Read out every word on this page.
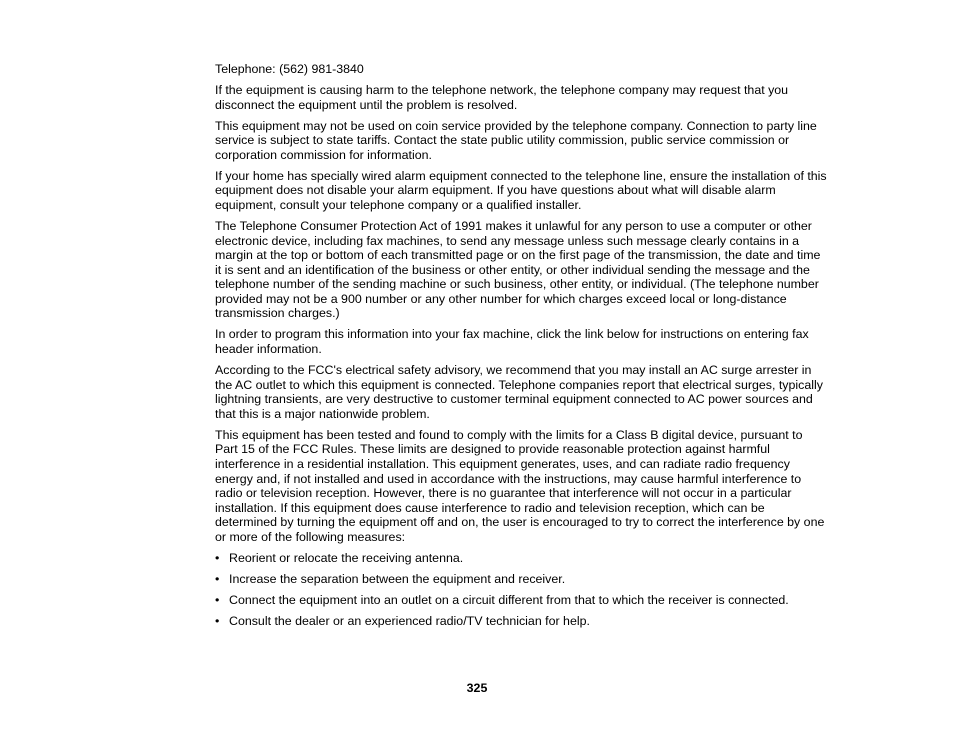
Telephone: (562) 981-3840

If the equipment is causing harm to the telephone network, the telephone company may request that you disconnect the equipment until the problem is resolved.

This equipment may not be used on coin service provided by the telephone company. Connection to party line service is subject to state tariffs. Contact the state public utility commission, public service commission or corporation commission for information.

If your home has specially wired alarm equipment connected to the telephone line, ensure the installation of this equipment does not disable your alarm equipment. If you have questions about what will disable alarm equipment, consult your telephone company or a qualified installer.

The Telephone Consumer Protection Act of 1991 makes it unlawful for any person to use a computer or other electronic device, including fax machines, to send any message unless such message clearly contains in a margin at the top or bottom of each transmitted page or on the first page of the transmission, the date and time it is sent and an identification of the business or other entity, or other individual sending the message and the telephone number of the sending machine or such business, other entity, or individual. (The telephone number provided may not be a 900 number or any other number for which charges exceed local or long-distance transmission charges.)

In order to program this information into your fax machine, click the link below for instructions on entering fax header information.

According to the FCC's electrical safety advisory, we recommend that you may install an AC surge arrester in the AC outlet to which this equipment is connected. Telephone companies report that electrical surges, typically lightning transients, are very destructive to customer terminal equipment connected to AC power sources and that this is a major nationwide problem.

This equipment has been tested and found to comply with the limits for a Class B digital device, pursuant to Part 15 of the FCC Rules. These limits are designed to provide reasonable protection against harmful interference in a residential installation. This equipment generates, uses, and can radiate radio frequency energy and, if not installed and used in accordance with the instructions, may cause harmful interference to radio or television reception. However, there is no guarantee that interference will not occur in a particular installation. If this equipment does cause interference to radio and television reception, which can be determined by turning the equipment off and on, the user is encouraged to try to correct the interference by one or more of the following measures:

• Reorient or relocate the receiving antenna.
• Increase the separation between the equipment and receiver.
• Connect the equipment into an outlet on a circuit different from that to which the receiver is connected.
• Consult the dealer or an experienced radio/TV technician for help.
325
